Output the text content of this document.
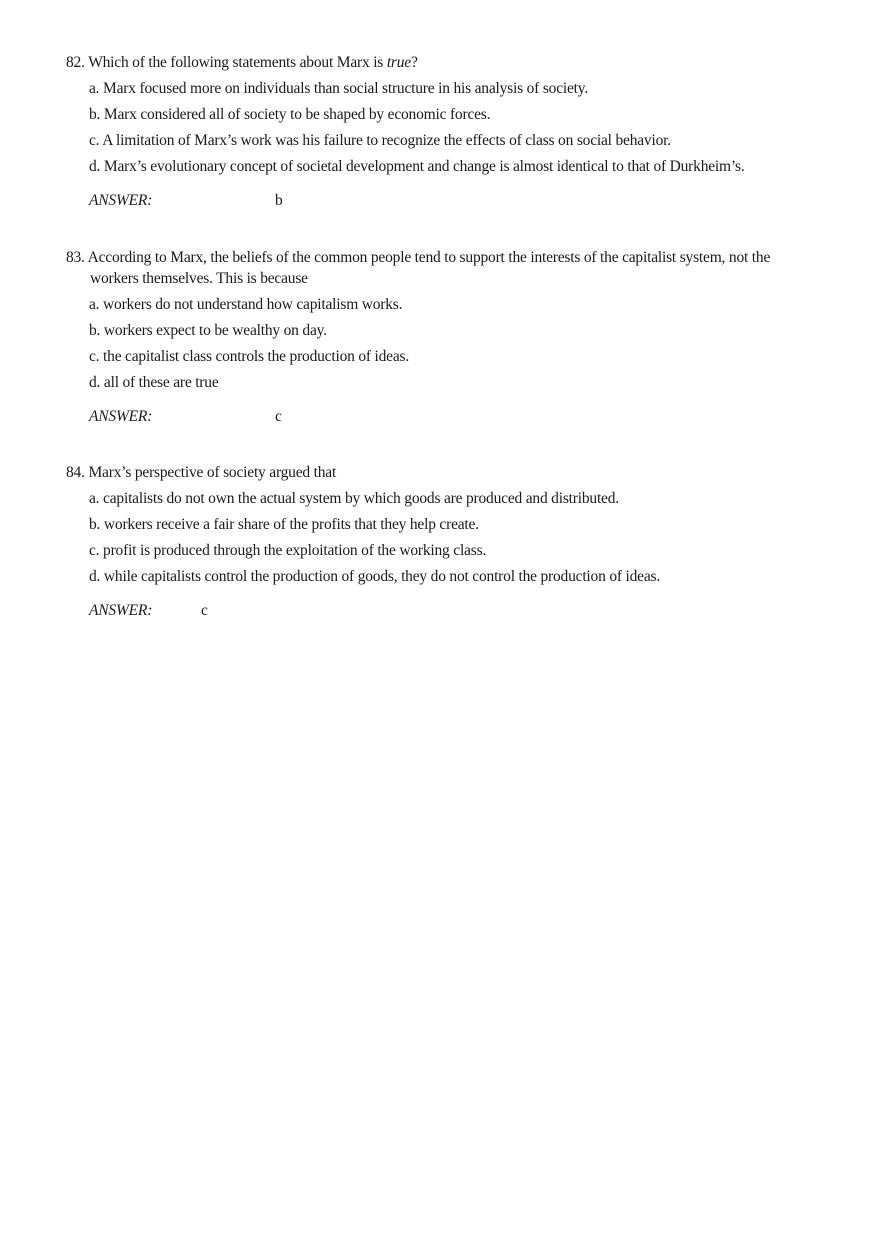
82. Which of the following statements about Marx is true?
a. Marx focused more on individuals than social structure in his analysis of society.
b. Marx considered all of society to be shaped by economic forces.
c. A limitation of Marx’s work was his failure to recognize the effects of class on social behavior.
d. Marx’s evolutionary concept of societal development and change is almost identical to that of Durkheim’s.
ANSWER:	b
83. According to Marx, the beliefs of the common people tend to support the interests of the capitalist system, not the workers themselves. This is because
a. workers do not understand how capitalism works.
b. workers expect to be wealthy on day.
c. the capitalist class controls the production of ideas.
d. all of these are true
ANSWER:	c
84. Marx’s perspective of society argued that
a. capitalists do not own the actual system by which goods are produced and distributed.
b. workers receive a fair share of the profits that they help create.
c. profit is produced through the exploitation of the working class.
d. while capitalists control the production of goods, they do not control the production of ideas.
ANSWER:	c
